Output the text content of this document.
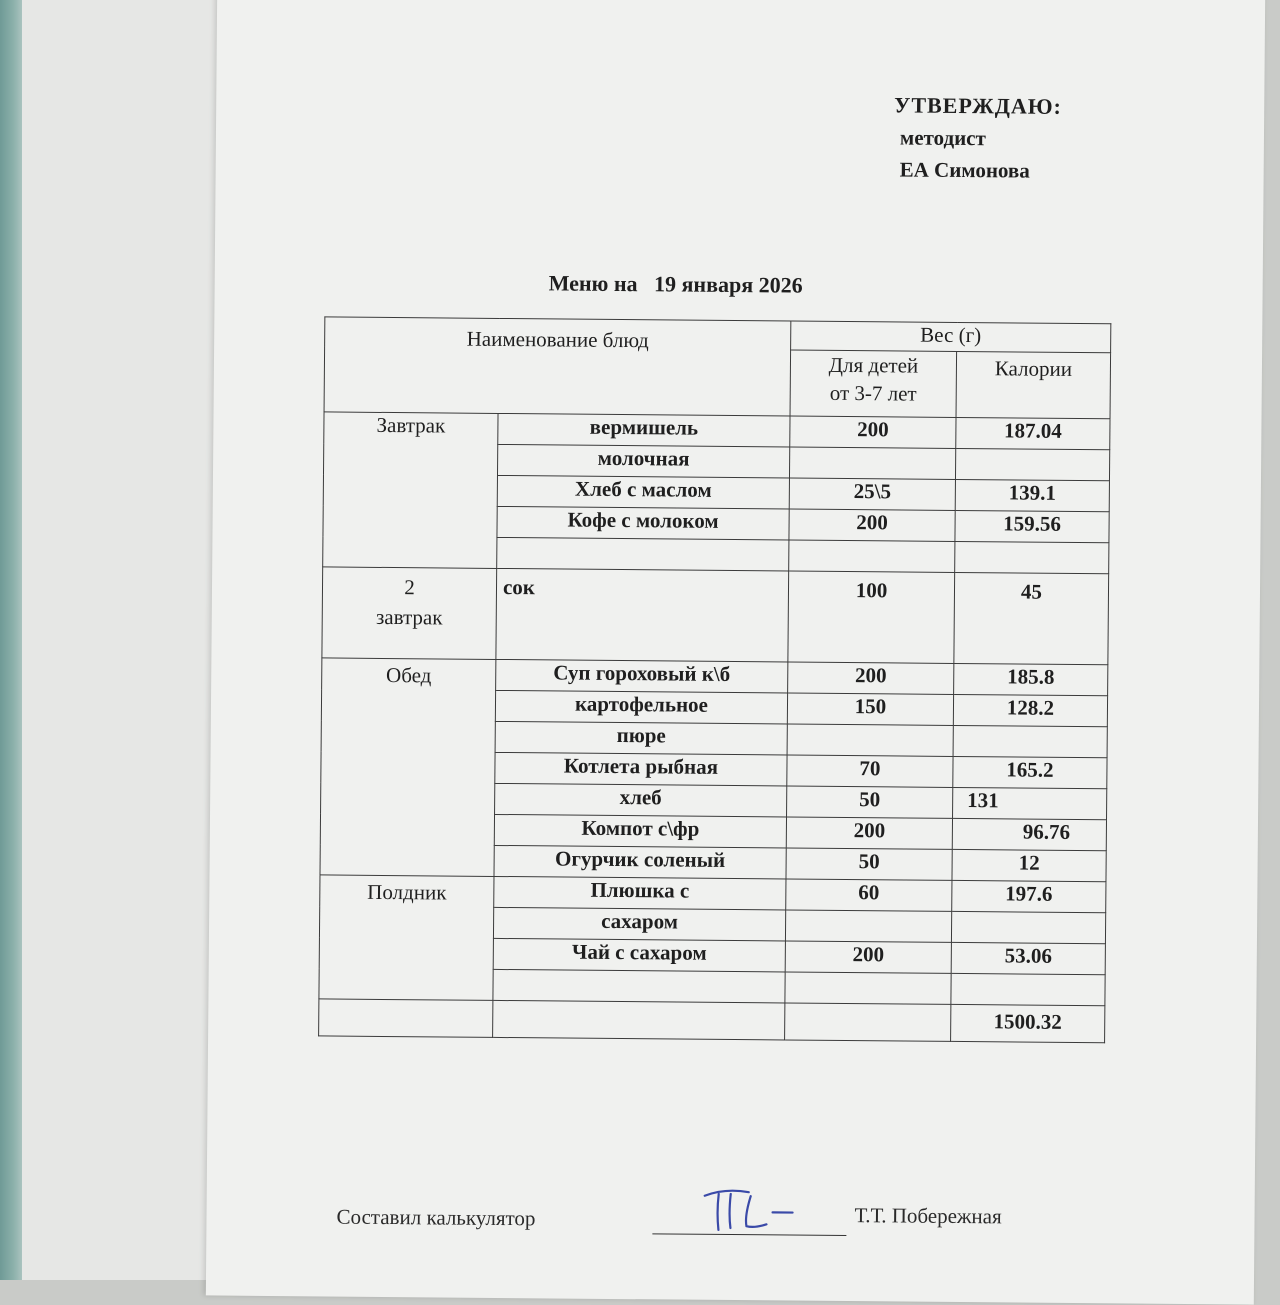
УТВЕРЖДАЮ:
методист
ЕА Симонова
Меню на   19 января 2026
Наименование блюд		Вес (г)	

		Для детей
от 3-7 лет	Калории
Завтрак	вермишель	200	187.04
	молочная		
	Хлеб с маслом	25\5	139.1
	Кофе с молоком	200	159.56

2
завтрак	сок	100	45
Обед	Суп гороховый к\б	200	185.8
	картофельное	150	128.2
	пюре		
	Котлета рыбная	70	165.2
	хлеб	50	131
	Компот с\фр	200	96.76
	Огурчик соленый	50	12
Полдник	Плюшка с	60	197.6
	сахаром		
	Чай с сахаром	200	53.06

			1500.32
Составил калькулятор	Т.Т. Побережная
